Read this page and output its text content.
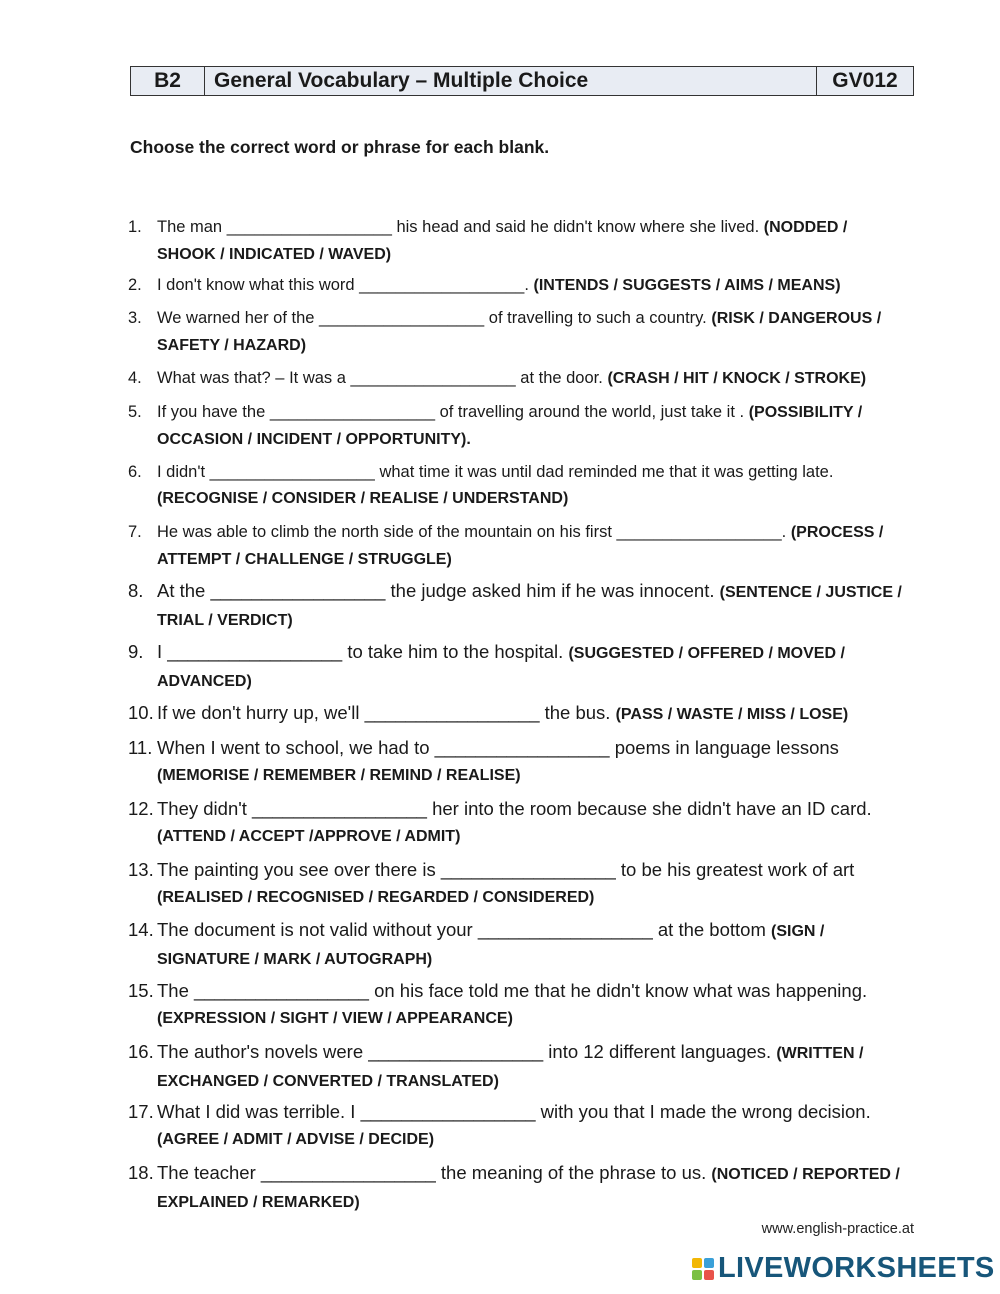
B2	General Vocabulary – Multiple Choice	GV012
Choose the correct word or phrase for each blank.
1. The man __________________ his head and said he didn't know where she lived. (NODDED / SHOOK / INDICATED / WAVED)
2. I don't know what this word __________________. (INTENDS / SUGGESTS / AIMS / MEANS)
3. We warned her of the __________________ of travelling to such a country. (RISK / DANGEROUS / SAFETY / HAZARD)
4. What was that? – It was a __________________ at the door. (CRASH / HIT / KNOCK / STROKE)
5. If you have the __________________ of travelling around the world, just take it . (POSSIBILITY / OCCASION / INCIDENT / OPPORTUNITY).
6. I didn't __________________ what time it was until dad reminded me that it was getting late. (RECOGNISE / CONSIDER / REALISE / UNDERSTAND)
7. He was able to climb the north side of the mountain on his first __________________. (PROCESS / ATTEMPT / CHALLENGE / STRUGGLE)
8. At the _________________ the judge asked him if he was innocent. (SENTENCE / JUSTICE / TRIAL / VERDICT)
9. I _________________ to take him to the hospital. (SUGGESTED / OFFERED / MOVED / ADVANCED)
10. If we don't hurry up, we'll _________________ the bus. (PASS / WASTE / MISS / LOSE)
11. When I went to school, we had to _________________ poems in language lessons (MEMORISE / REMEMBER / REMIND / REALISE)
12. They didn't _________________ her into the room because she didn't have an ID card. (ATTEND / ACCEPT /APPROVE / ADMIT)
13. The painting you see over there is _________________ to be his greatest work of art (REALISED / RECOGNISED / REGARDED / CONSIDERED)
14. The document is not valid without your _________________ at the bottom (SIGN / SIGNATURE / MARK / AUTOGRAPH)
15. The _________________ on his face told me that he didn't know what was happening. (EXPRESSION / SIGHT / VIEW / APPEARANCE)
16. The author's novels were _________________ into 12 different languages. (WRITTEN / EXCHANGED / CONVERTED / TRANSLATED)
17. What I did was terrible. I _________________ with you that I made the wrong decision. (AGREE / ADMIT / ADVISE / DECIDE)
18. The teacher _________________ the meaning of the phrase to us. (NOTICED / REPORTED / EXPLAINED / REMARKED)
www.english-practice.at
LIVEWORKSHEETS
